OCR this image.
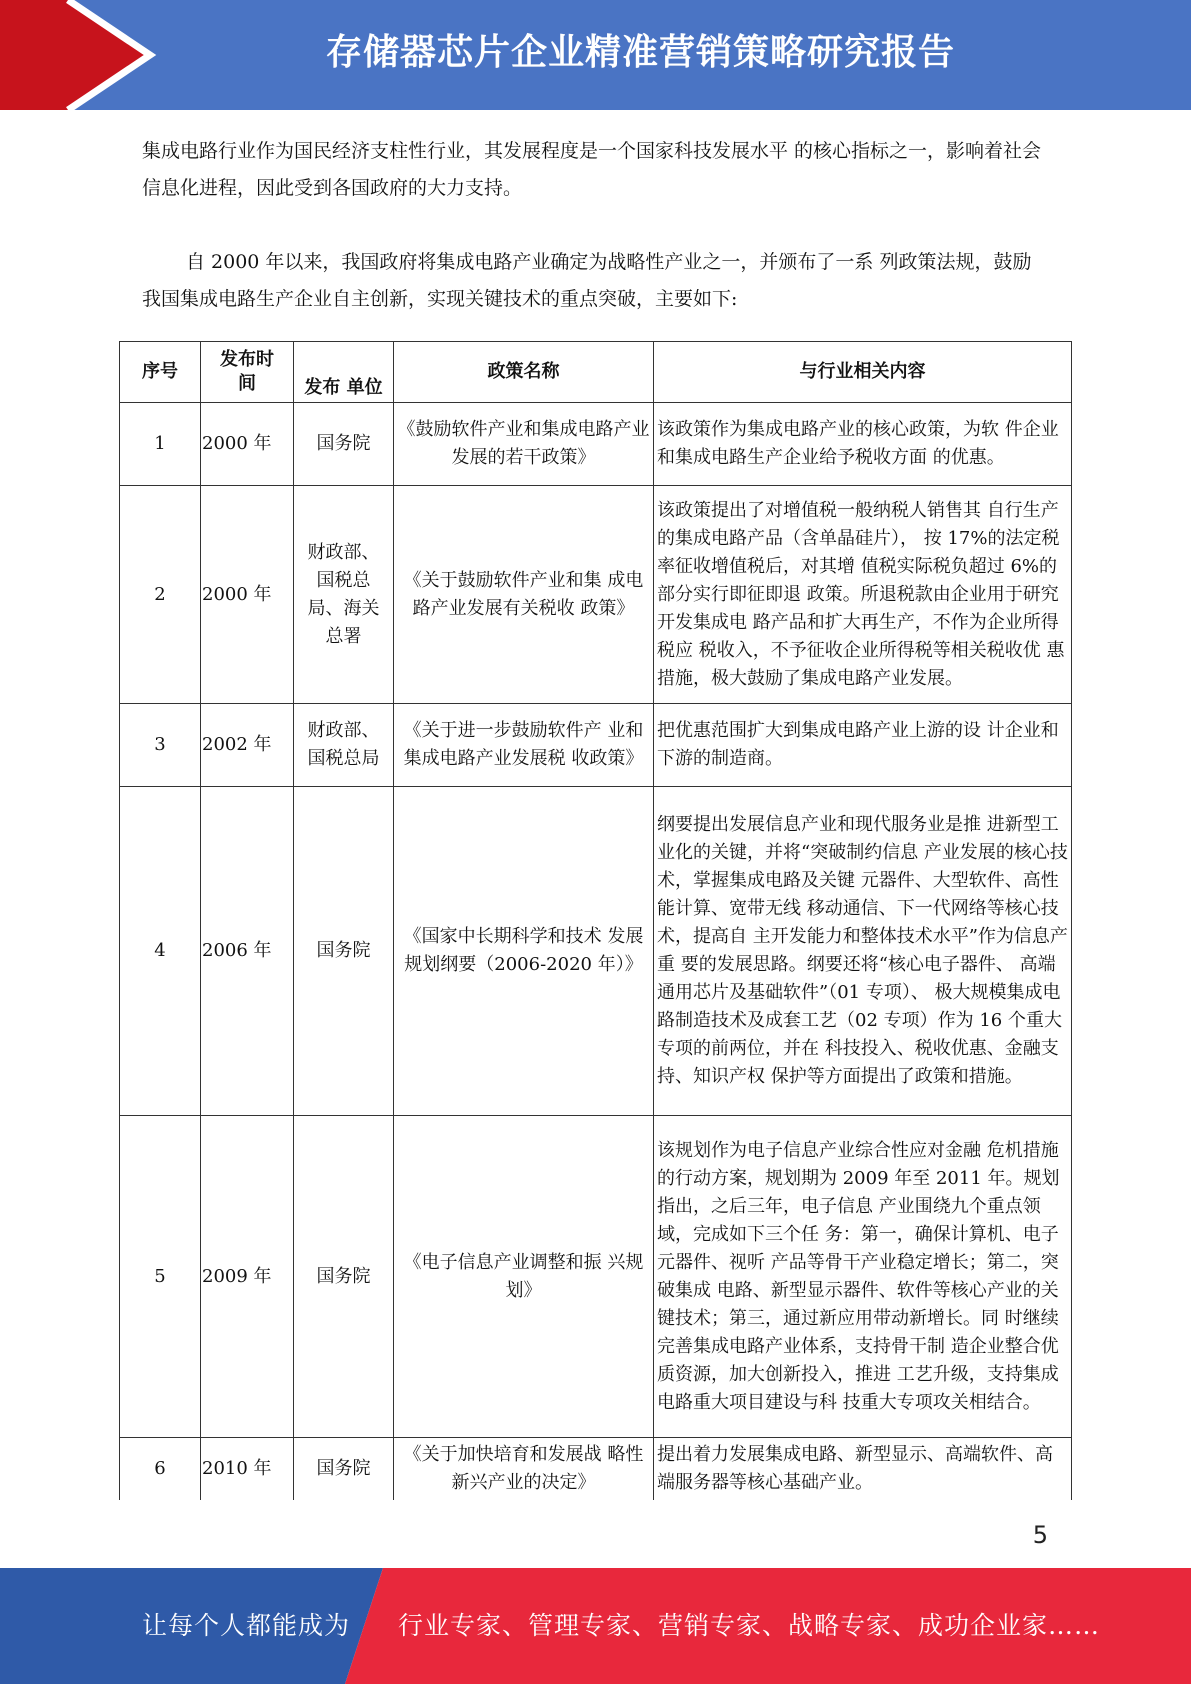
存储器芯片企业精准营销策略研究报告

集成电路行业作为国民经济支柱性行业，其发展程度是一个国家科技发展水平 的核心指标之一，影响着社会信息化进程，因此受到各国政府的大力支持。

自 2000 年以来，我国政府将集成电路产业确定为战略性产业之一，并颁布了一系 列政策法规，鼓励我国集成电路生产企业自主创新，实现关键技术的重点突破，主要如下:

序号	发布时间	发布 单位	政策名称	与行业相关内容
1	2000 年	国务院	《鼓励软件产业和集成电路产业发展的若干政策》	该政策作为集成电路产业的核心政策，为软 件企业和集成电路生产企业给予税收方面 的优惠。
2	2000 年	财政部、国税总局、海关总署	《关于鼓励软件产业和集 成电路产业发展有关税收 政策》	该政策提出了对增值税一般纳税人销售其 自行生产的集成电路产品（含单晶硅片）， 按 17%的法定税率征收增值税后，对其增 值税实际税负超过 6%的部分实行即征即退 政策。所退税款由企业用于研究开发集成电 路产品和扩大再生产，不作为企业所得税应 税收入，不予征收企业所得税等相关税收优 惠措施，极大鼓励了集成电路产业发展。
3	2002 年	财政部、国税总局	《关于进一步鼓励软件产 业和集成电路产业发展税 收政策》	把优惠范围扩大到集成电路产业上游的设 计企业和下游的制造商。
4	2006 年	国务院	《国家中长期科学和技术 发展规划纲要（2006-2020 年）》	纲要提出发展信息产业和现代服务业是推 进新型工业化的关键，并将“突破制约信息 产业发展的核心技术，掌握集成电路及关键 元器件、大型软件、高性能计算、宽带无线 移动通信、下一代网络等核心技术，提高自 主开发能力和整体技术水平”作为信息产重 要的发展思路。纲要还将“核心电子器件、 高端通用芯片及基础软件”（01 专项）、 极大规模集成电路制造技术及成套工艺（02 专项）作为 16 个重大专项的前两位，并在 科技投入、税收优惠、金融支持、知识产权 保护等方面提出了政策和措施。
5	2009 年	国务院	《电子信息产业调整和振 兴规划》	该规划作为电子信息产业综合性应对金融 危机措施的行动方案，规划期为 2009 年至 2011 年。规划指出，之后三年，电子信息 产业围绕九个重点领域，完成如下三个任 务：第一，确保计算机、电子元器件、视听 产品等骨干产业稳定增长；第二，突破集成 电路、新型显示器件、软件等核心产业的关 键技术；第三，通过新应用带动新增长。同 时继续完善集成电路产业体系，支持骨干制 造企业整合优质资源，加大创新投入，推进 工艺升级，支持集成电路重大项目建设与科 技重大专项攻关相结合。
6	2010 年	国务院	《关于加快培育和发展战 略性新兴产业的决定》	提出着力发展集成电路、新型显示、高端软件、高端服务器等核心基础产业。
5
让每个人都能成为 行业专家、管理专家、营销专家、战略专家、成功企业家……
